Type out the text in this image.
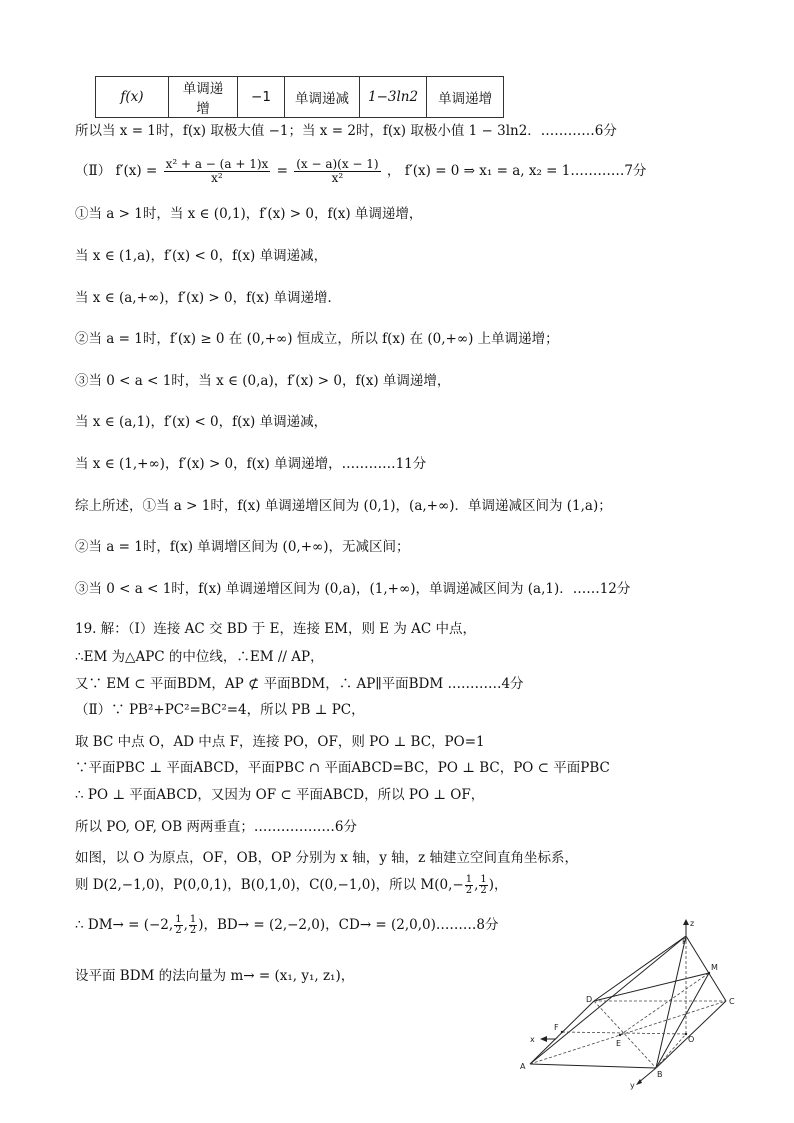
f(x)	单调递增	−1	单调递减	1−3ln2	单调递增
所以当 x = 1时，f(x) 取极大值 −1；当 x = 2时，f(x) 取极小值 1 − 3ln2．…………6分
（Ⅱ） $f'(x) = \frac{\text{x² + a − (a + 1)x}}{\text{x²}} = \frac{(x - a)(x - 1)}{\text{x²}}$ ， f′(x) = 0 ⇒ x₁ = a, x₂ = 1…………7分
①当 a > 1时，当 x ∈ (0,1)，f′(x) > 0，f(x) 单调递增，
当 x ∈ (1,a)，f′(x) < 0，f(x) 单调递减，
当 x ∈ (a,+∞)，f′(x) > 0，f(x) 单调递增．
②当 a = 1时，f′(x) ≥ 0 在 (0,+∞) 恒成立，所以 f(x) 在 (0,+∞) 上单调递增；
③当 0 < a < 1时，当 x ∈ (0,a)，f′(x) > 0，f(x) 单调递增，
当 x ∈ (a,1)，f′(x) < 0，f(x) 单调递减，
当 x ∈ (1,+∞)，f′(x) > 0，f(x) 单调递增，…………11分
综上所述，①当 a > 1时，f(x) 单调递增区间为 (0,1)，(a,+∞)．单调递减区间为 (1,a)；
②当 a = 1时，f(x) 单调增区间为 (0,+∞)，无减区间；
③当 0 < a < 1时，f(x) 单调递增区间为 (0,a)，(1,+∞)，单调递减区间为 (a,1)．……12分
19. 解：（Ⅰ）连接 AC 交 BD 于 E，连接 EM，则 E 为 AC 中点，
∴EM 为△APC 的中位线，∴EM // AP，
又∵ EM ⊂ 平面BDM，AP ⊄ 平面BDM，∴ AP∥平面BDM …………4分
（Ⅱ）∵ PB²+PC²=BC²=4，所以 PB ⊥ PC，
取 BC 中点 O，AD 中点 F，连接 PO，OF，则 PO ⊥ BC，PO=1
∵平面PBC ⊥ 平面ABCD，平面PBC ∩ 平面ABCD=BC，PO ⊥ BC，PO ⊂ 平面PBC
∴ PO ⊥ 平面ABCD，又因为 OF ⊂ 平面ABCD，所以 PO ⊥ OF，
所以 PO, OF, OB 两两垂直；………………6分
如图，以 O 为原点，OF，OB，OP 分别为 x 轴，y 轴，z 轴建立空间直角坐标系，
则 D(2,−1,0)，P(0,0,1)，B(0,1,0)，C(0,−1,0)，所以 $M(0,- \frac{1}{2}$ , $\frac{1}{2}$ )，
∴ DM→ = (−2, $\frac{1}{2}$ , $\frac{1}{2}$ )，BD→ = (2,−2,0)，CD→ = (2,0,0)………8分
设平面 BDM 的法向量为 m→ = (x₁, y₁, z₁)，
P
M
D	C
F
E	O
A
B
x
y
z
